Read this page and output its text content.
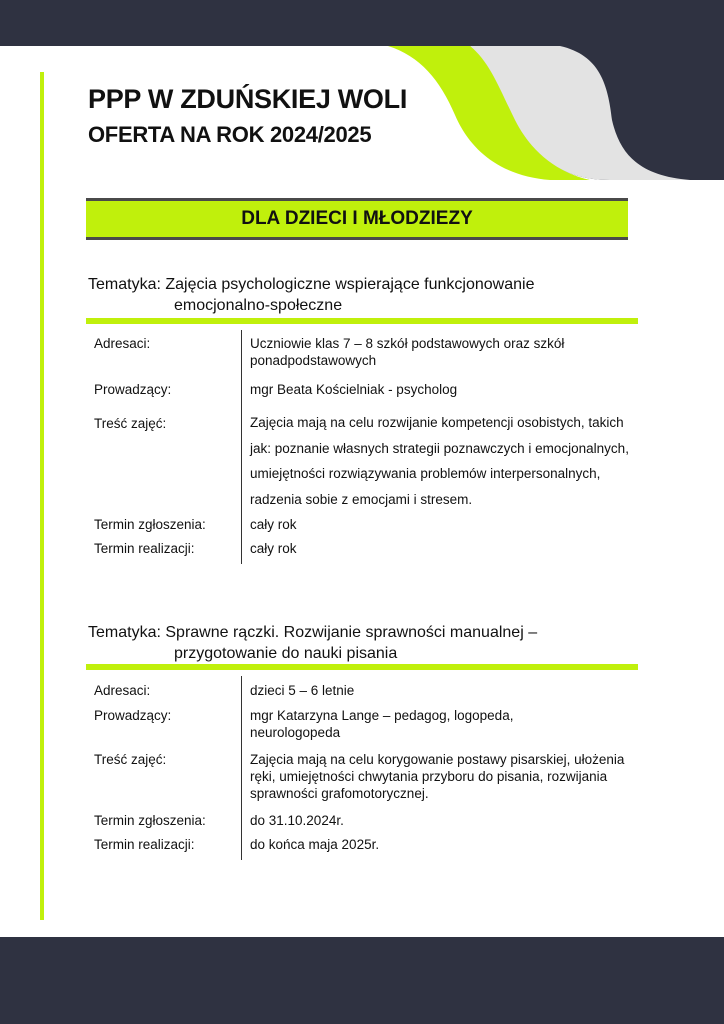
PPP W ZDUŃSKIEJ WOLI
OFERTA NA ROK 2024/2025
DLA DZIECI I MŁODZIEZY
Tematyka: Zajęcia psychologiczne wspierające funkcjonowanie
emocjonalno-społeczne
Adresaci:	Uczniowie klas 7 – 8 szkół podstawowych oraz szkół ponadpodstawowych
Prowadzący:	mgr Beata Kościelniak - psycholog
Treść zajęć:	Zajęcia mają na celu rozwijanie kompetencji osobistych, takich jak: poznanie własnych strategii poznawczych i emocjonalnych, umiejętności rozwiązywania problemów interpersonalnych, radzenia sobie z emocjami i stresem.
Termin zgłoszenia:	cały rok
Termin realizacji:	cały rok
Tematyka: Sprawne rączki. Rozwijanie sprawności manualnej –
przygotowanie do nauki pisania
Adresaci:	dzieci 5 – 6 letnie
Prowadzący:	mgr Katarzyna Lange – pedagog, logopeda, neurologopeda
Treść zajęć:	Zajęcia mają na celu korygowanie postawy pisarskiej, ułożenia ręki, umiejętności chwytania przyboru do pisania, rozwijania sprawności grafomotorycznej.
Termin zgłoszenia:	do 31.10.2024r.
Termin realizacji:	do końca maja 2025r.
